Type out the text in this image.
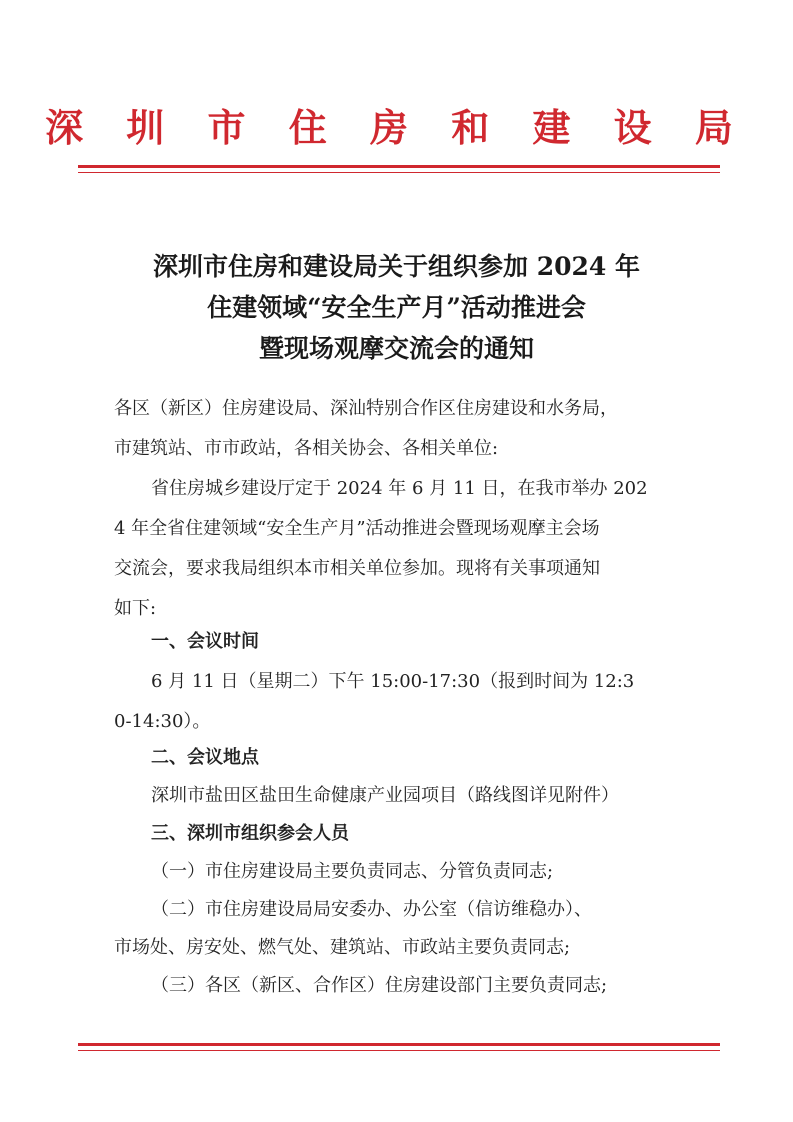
深 圳 市 住 房 和 建 设 局
深圳市住房和建设局关于组织参加 2024 年
住建领域“安全生产月”活动推进会
暨现场观摩交流会的通知
各区（新区）住房建设局、深汕特别合作区住房建设和水务局，
市建筑站、市市政站，各相关协会、各相关单位:
省住房城乡建设厅定于 2024 年 6 月 11 日，在我市举办 202
4 年全省住建领域“安全生产月”活动推进会暨现场观摩主会场
交流会，要求我局组织本市相关单位参加。现将有关事项通知
如下:
一、会议时间
6 月 11 日（星期二）下午 15:00-17:30（报到时间为 12:3
0-14:30）。
二、会议地点
深圳市盐田区盐田生命健康产业园项目（路线图详见附件）
三、深圳市组织参会人员
（一）市住房建设局主要负责同志、分管负责同志;
（二）市住房建设局局安委办、办公室（信访维稳办）、
市场处、房安处、燃气处、建筑站、市政站主要负责同志;
（三）各区（新区、合作区）住房建设部门主要负责同志;
